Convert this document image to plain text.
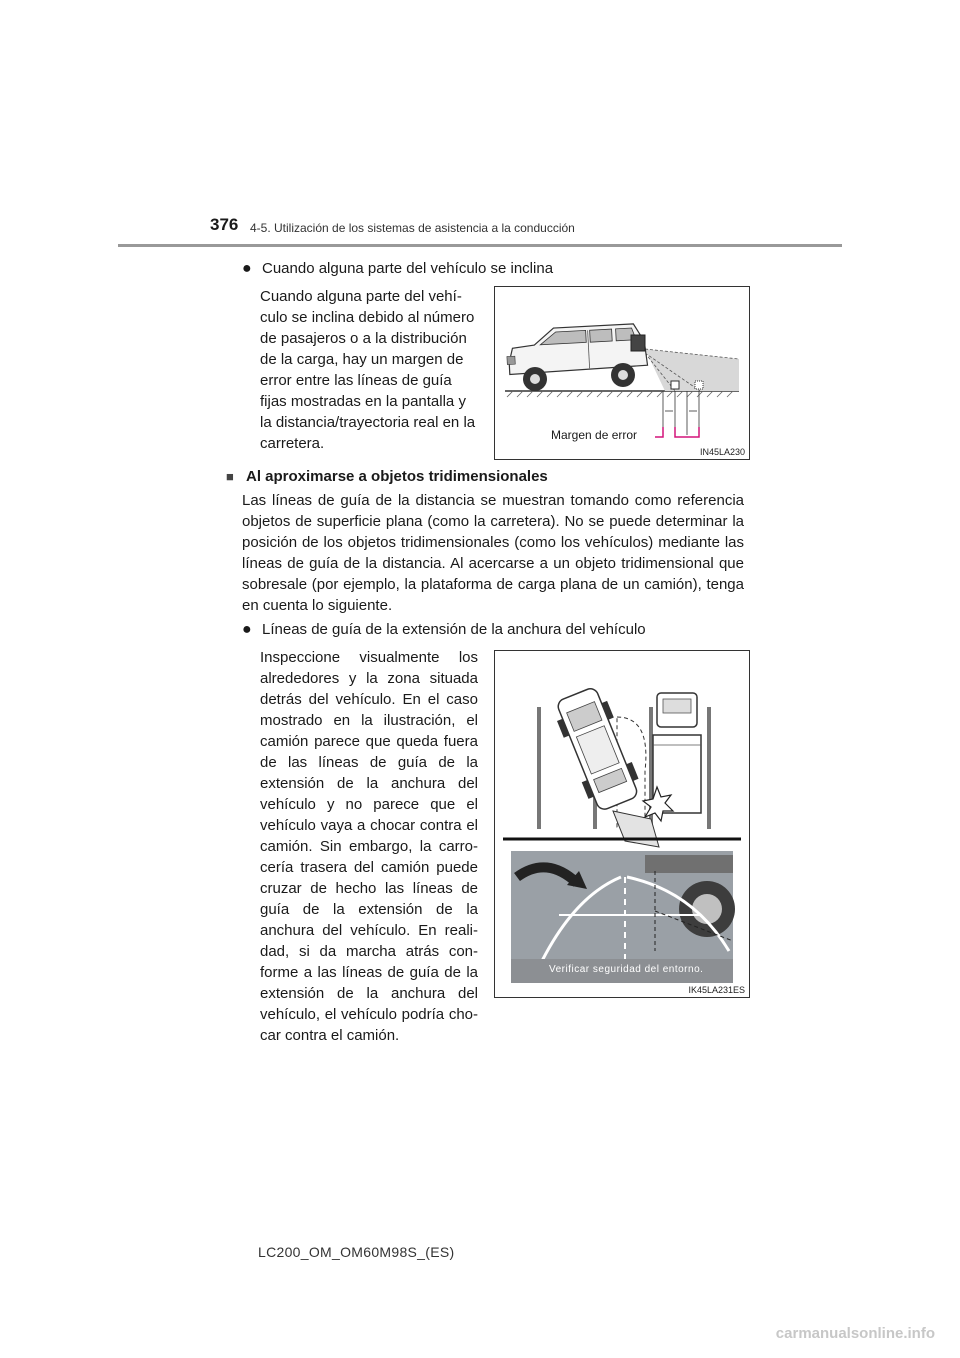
376 4-5. Utilización de los sistemas de asistencia a la conducción
● Cuando alguna parte del vehículo se inclina
Cuando alguna parte del vehí-
culo se inclina debido al número
de pasajeros o a la distribución
de la carga, hay un margen de
error entre las líneas de guía
fijas mostradas en la pantalla y
la distancia/trayectoria real en la
carretera.	Margen de error
IN45LA230
■ Al aproximarse a objetos tridimensionales
Las líneas de guía de la distancia se muestran tomando como referencia
objetos de superficie plana (como la carretera). No se puede determinar la
posición de los objetos tridimensionales (como los vehículos) mediante las
líneas de guía de la distancia. Al acercarse a un objeto tridimensional que
sobresale (por ejemplo, la plataforma de carga plana de un camión), tenga
en cuenta lo siguiente.
● Líneas de guía de la extensión de la anchura del vehículo
Inspeccione visualmente los
alrededores y la zona situada
detrás del vehículo. En el caso
mostrado en la ilustración, el
camión parece que queda fuera
de las líneas de guía de la
extensión de la anchura del
vehículo y no parece que el
vehículo vaya a chocar contra el
camión. Sin embargo, la carro-
cería trasera del camión puede
cruzar de hecho las líneas de
guía de la extensión de la
anchura del vehículo. En reali-
dad, si da marcha atrás con-
forme a las líneas de guía de la
extensión de la anchura del
vehículo, el vehículo podría cho-
car contra el camión.
Verificar seguridad del entorno.
IK45LA231ES
LC200_OM_OM60M98S_(ES)
carmanualsonline.info
